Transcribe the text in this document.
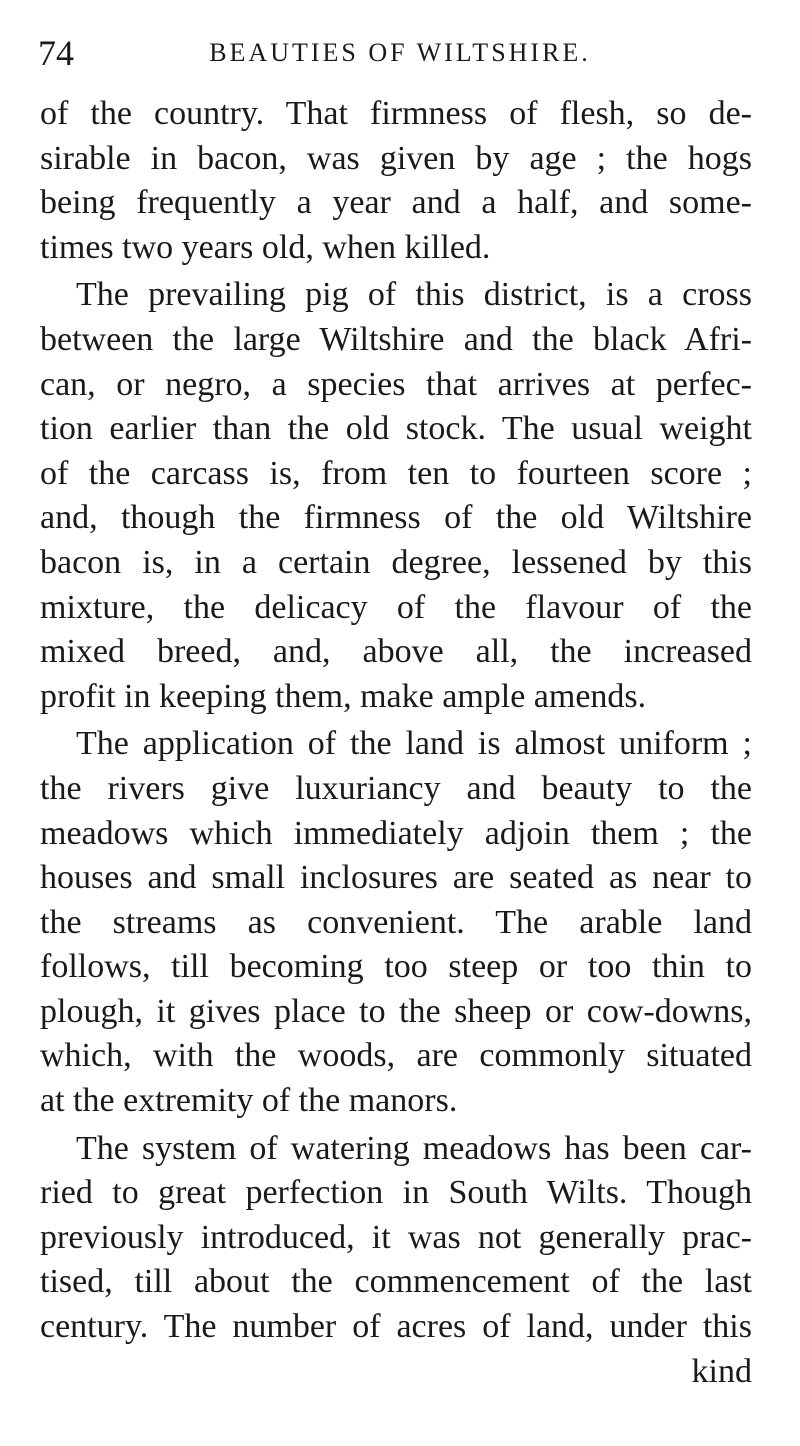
74	BEAUTIES OF WILTSHIRE.
of the country. That firmness of flesh, so de-
sirable in bacon, was given by age ; the hogs
being frequently a year and a half, and some-
times two years old, when killed.
The prevailing pig of this district, is a cross
between the large Wiltshire and the black Afri-
can, or negro, a species that arrives at perfec-
tion earlier than the old stock. The usual weight
of the carcass is, from ten to fourteen score ;
and, though the firmness of the old Wiltshire
bacon is, in a certain degree, lessened by this
mixture, the delicacy of the flavour of the
mixed breed, and, above all, the increased
profit in keeping them, make ample amends.
The application of the land is almost uniform ;
the rivers give luxuriancy and beauty to the
meadows which immediately adjoin them ; the
houses and small inclosures are seated as near to
the streams as convenient. The arable land
follows, till becoming too steep or too thin to
plough, it gives place to the sheep or cow-downs,
which, with the woods, are commonly situated
at the extremity of the manors.
The system of watering meadows has been car-
ried to great perfection in South Wilts. Though
previously introduced, it was not generally prac-
tised, till about the commencement of the last
century. The number of acres of land, under this
kind
